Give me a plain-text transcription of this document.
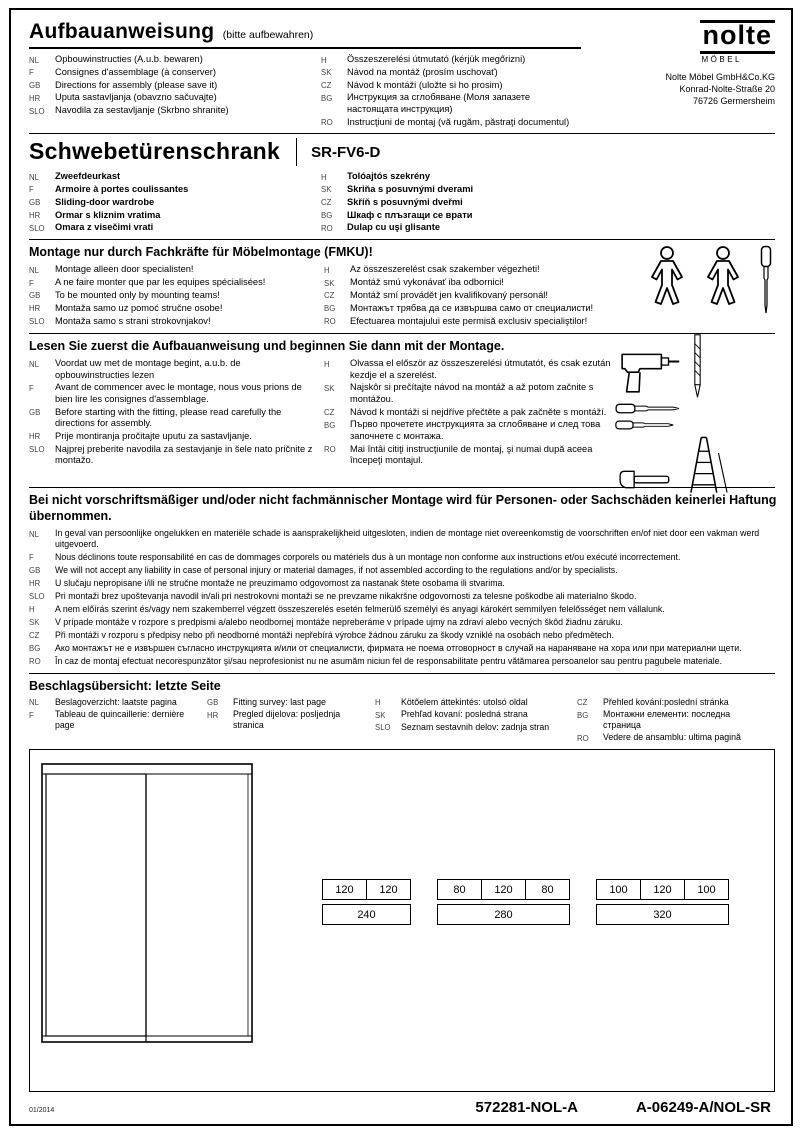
nolte
MÖBEL
Nolte Möbel GmbH&Co.KG
Konrad-Nolte-Straße 20
76726 Germersheim
Aufbauanweisung (bitte aufbewahren)
NL	Opbouwinstructies (A.u.b. bewaren)
F	Consignes d'assemblage (à conserver)
GB	Directions for assembly (please save it)
HR	Uputa sastavljanja (obavzno sačuvajte)
SLO	Navodila za sestavljanje (Skrbno shranite)
H	Összeszerelési útmutató (kérjük megőrizni)
SK	Návod na montáž (prosím uschovať)
CZ	Návod k montáži (uložte si ho prosim)
BG	Инструкция за сглобяване (Моля запазете настоящата инструкция)
RO	Instrucţiuni de montaj (vă rugăm, păstraţi documentul)
Schwebetürenschrank	SR-FV6-D
NL	Zweefdeurkast
F	Armoire à portes coulissantes
GB	Sliding-door wardrobe
HR	Ormar s kliznim vratima
SLO	Omara z visečimi vrati
H	Tolóajtós szekrény
SK	Skriňa s posuvnými dverami
CZ	Skříň s posuvnými dveřmi
BG	Шкаф с плъзгащи се врати
RO	Dulap cu uşi glisante
Montage nur durch Fachkräfte für Möbelmontage (FMKU)!
NL	Montage alleen door specialisten!
F	A ne faire monter que par les equipes spécialisées!
GB	To be mounted only by mounting teams!
HR	Montaža samo uz pomoć stručne osobe!
SLO	Montaža samo s strani strokovnjakov!
H	Az összeszerelést csak szakember végezheti!
SK	Montáž smú vykonávať iba odbornici!
CZ	Montáž smí provádět jen kvalifikovaný personál!
BG	Монтажът трябва да се извършва само от специалисти!
RO	Efectuarea montajului este permisă exclusiv specialiştilor!
Lesen Sie zuerst die Aufbauanweisung und beginnen Sie dann mit der Montage.
NL	Voordat uw met de montage begint, a.u.b. de opbouwinstructies lezen
F	Avant de commencer avec le montage, nous vous prions de bien lire les consignes d'assemblage.
GB	Before starting with the fitting, please read carefully the directions for assembly.
HR	Prije montiranja pročitajte uputu za sastavljanje.
SLO	Najprej preberite navodila za sestavjanje in šele nato pričnite z montažo.
H	Olvassa el először az összeszerelési útmutatót, és csak ezután kezdje el a szerelést.
SK	Najskôr si prečítajte návod na montáž a až potom začnite s montážou.
CZ	Návod k montáži si nejdříve přečtěte a pak začněte s montáží.
BG	Първо прочетете инструкцията за сглобяване и след това започнете с монтажа.
RO	Mai întâi citiţi instrucţiunile de montaj, şi numai după aceea începeţi montajul.
Bei nicht vorschriftsmäßiger und/oder nicht fachmännischer Montage wird für Personen- oder Sachschäden keinerlei Haftung übernommen.
NL	In geval van persoonlijke ongelukken en materiële schade is aansprakelijkheid uitgesloten, indien de montage niet overeenkomstig de voorschriften en/of niet door een vakman werd uitgevoerd.
F	Nous déclinons toute responsabilité en cas de dommages corporels ou matériels dus à un montage non conforme aux instructions et/ou exécuté incorrectement.
GB	We will not accept any liability in case of personal injury or material damages, if not assembled according to the regulations and/or by specialists.
HR	U slučaju nepropisane i/ili ne stručne montaže ne preuzimamo odgovornost za nastanak štete osobama ili stvarima.
SLO	Pri montaži brez upoštevanja navodil in/ali pri nestrokovni montaži se ne prevzame nikakršne odgovornosti za telesne poškodbe ali materialno škodo.
H	A nem előírás szerint és/vagy nem szakemberrel végzett összeszerelés esetén felmerülő személyi és anyagi károkért semmilyen felelősséget nem vállalunk.
SK	V prípade montáže v rozpore s predpismi a/alebo neodbornej montáže nepreberáme v prípade ujmy na zdraví alebo vecných škôd žiadnu záruku.
CZ	Při montáži v rozporu s předpisy nebo při neodborné montáži nepřebírá výrobce žádnou záruku za škody vzniklé na osobách nebo předmětech.
BG	Ако монтажът не е извършен съгласно инструкцията и/или от специалисти, фирмата не поема отговорност в случай на нараняване на хора или при материални щети.
RO	În caz de montaj efectuat necorespunzător şi/sau neprofesionist nu ne asumăm niciun fel de responsabilitate pentru vătămarea persoanelor sau pentru pagubele materiale.
Beschlagsübersicht: letzte Seite
NL	Beslagoverzicht: laatste pagina
F	Tableau de quincaillerie: dernière page
GB	Fitting survey: last page
HR	Pregled dijelova: posljednja stranica
H	Kötőelem áttekintés: utolsó oldal
SK	Prehľad kovaní: posledná strana
SLO	Seznam sestavnih delov: zadnja stran
CZ	Přehled kování:poslední stránka
BG	Монтажни елементи: последна страница
RO	Vedere de ansamblu: ultima pagină
120	120
240
80	120	80
280
100	120	100
320
01/2014	572281-NOL-A	A-06249-A/NOL-SR
